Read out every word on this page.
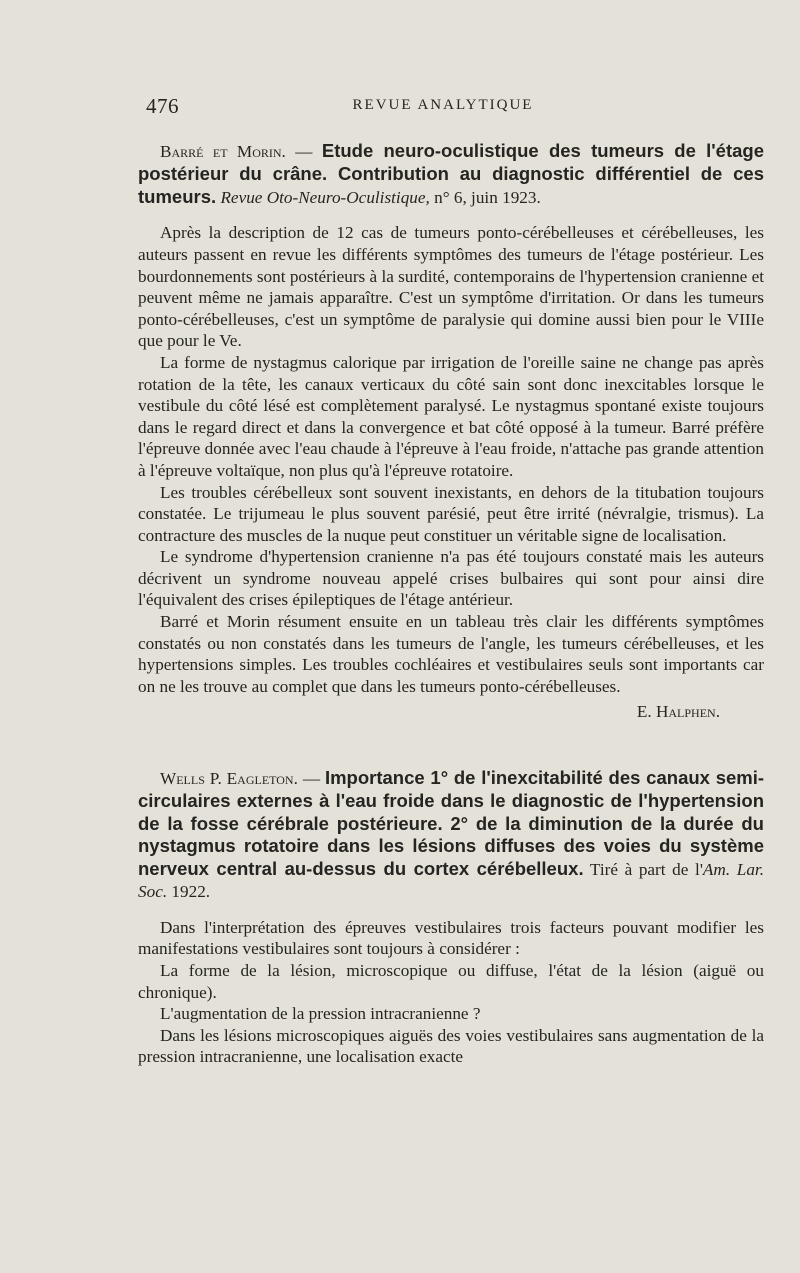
476	REVUE ANALYTIQUE

Barré et Morin. — Etude neuro-oculistique des tumeurs de l'étage postérieur du crâne. Contribution au diagnostic différentiel de ces tumeurs. Revue Oto-Neuro-Oculistique, n° 6, juin 1923.

Après la description de 12 cas de tumeurs ponto-cérébelleuses et cérébelleuses, les auteurs passent en revue les différents symptômes des tumeurs de l'étage postérieur. Les bourdonnements sont postérieurs à la surdité, contemporains de l'hypertension cranienne et peuvent même ne jamais apparaître. C'est un symptôme d'irritation. Or dans les tumeurs ponto-cérébelleuses, c'est un symptôme de paralysie qui domine aussi bien pour le VIIIe que pour le Ve.

La forme de nystagmus calorique par irrigation de l'oreille saine ne change pas après rotation de la tête, les canaux verticaux du côté sain sont donc inexcitables lorsque le vestibule du côté lésé est complètement paralysé. Le nystagmus spontané existe toujours dans le regard direct et dans la convergence et bat côté opposé à la tumeur. Barré préfère l'épreuve donnée avec l'eau chaude à l'épreuve à l'eau froide, n'attache pas grande attention à l'épreuve voltaïque, non plus qu'à l'épreuve rotatoire.

Les troubles cérébelleux sont souvent inexistants, en dehors de la titubation toujours constatée. Le trijumeau le plus souvent parésié, peut être irrité (névralgie, trismus). La contracture des muscles de la nuque peut constituer un véritable signe de localisation.

Le syndrome d'hypertension cranienne n'a pas été toujours constaté mais les auteurs décrivent un syndrome nouveau appelé crises bulbaires qui sont pour ainsi dire l'équivalent des crises épileptiques de l'étage antérieur.

Barré et Morin résument ensuite en un tableau très clair les différents symptômes constatés ou non constatés dans les tumeurs de l'angle, les tumeurs cérébelleuses, et les hypertensions simples. Les troubles cochléaires et vestibulaires seuls sont importants car on ne les trouve au complet que dans les tumeurs ponto-cérébelleuses.

E. Halphen.

Wells P. Eagleton. — Importance 1° de l'inexcitabilité des canaux semi-circulaires externes à l'eau froide dans le diagnostic de l'hypertension de la fosse cérébrale postérieure. 2° de la diminution de la durée du nystagmus rotatoire dans les lésions diffuses des voies du système nerveux central au-dessus du cortex cérébelleux. Tiré à part de l'Am. Lar. Soc. 1922.

Dans l'interprétation des épreuves vestibulaires trois facteurs pouvant modifier les manifestations vestibulaires sont toujours à considérer :

La forme de la lésion, microscopique ou diffuse, l'état de la lésion (aiguë ou chronique).

L'augmentation de la pression intracranienne ?

Dans les lésions microscopiques aiguës des voies vestibulaires sans augmentation de la pression intracranienne, une localisation exacte
